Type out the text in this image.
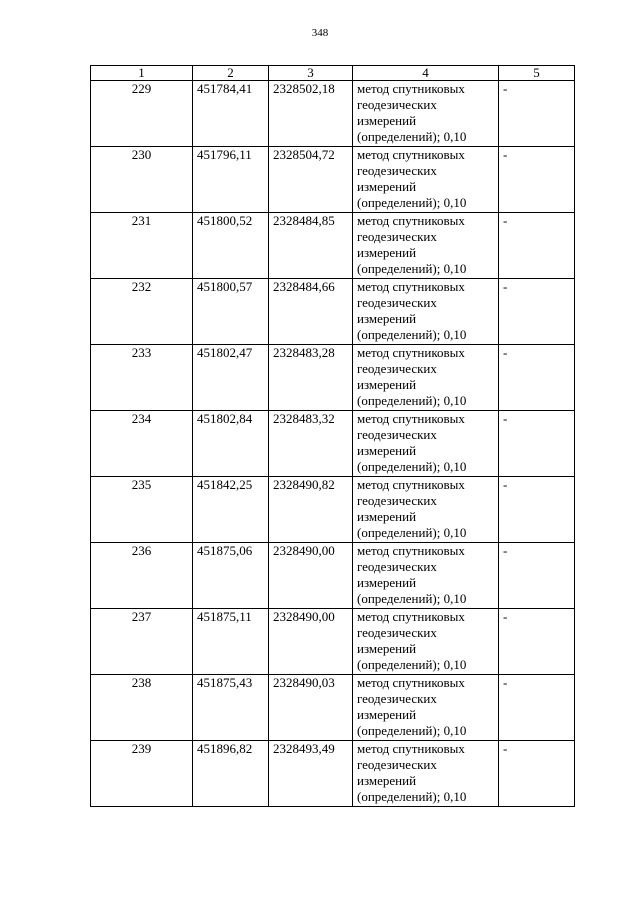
348
1	2	3	4	5
229	451784,41	2328502,18	метод спутниковых геодезических измерений (определений); 0,10	-
230	451796,11	2328504,72	метод спутниковых геодезических измерений (определений); 0,10	-
231	451800,52	2328484,85	метод спутниковых геодезических измерений (определений); 0,10	-
232	451800,57	2328484,66	метод спутниковых геодезических измерений (определений); 0,10	-
233	451802,47	2328483,28	метод спутниковых геодезических измерений (определений); 0,10	-
234	451802,84	2328483,32	метод спутниковых геодезических измерений (определений); 0,10	-
235	451842,25	2328490,82	метод спутниковых геодезических измерений (определений); 0,10	-
236	451875,06	2328490,00	метод спутниковых геодезических измерений (определений); 0,10	-
237	451875,11	2328490,00	метод спутниковых геодезических измерений (определений); 0,10	-
238	451875,43	2328490,03	метод спутниковых геодезических измерений (определений); 0,10	-
239	451896,82	2328493,49	метод спутниковых геодезических измерений (определений); 0,10	-
